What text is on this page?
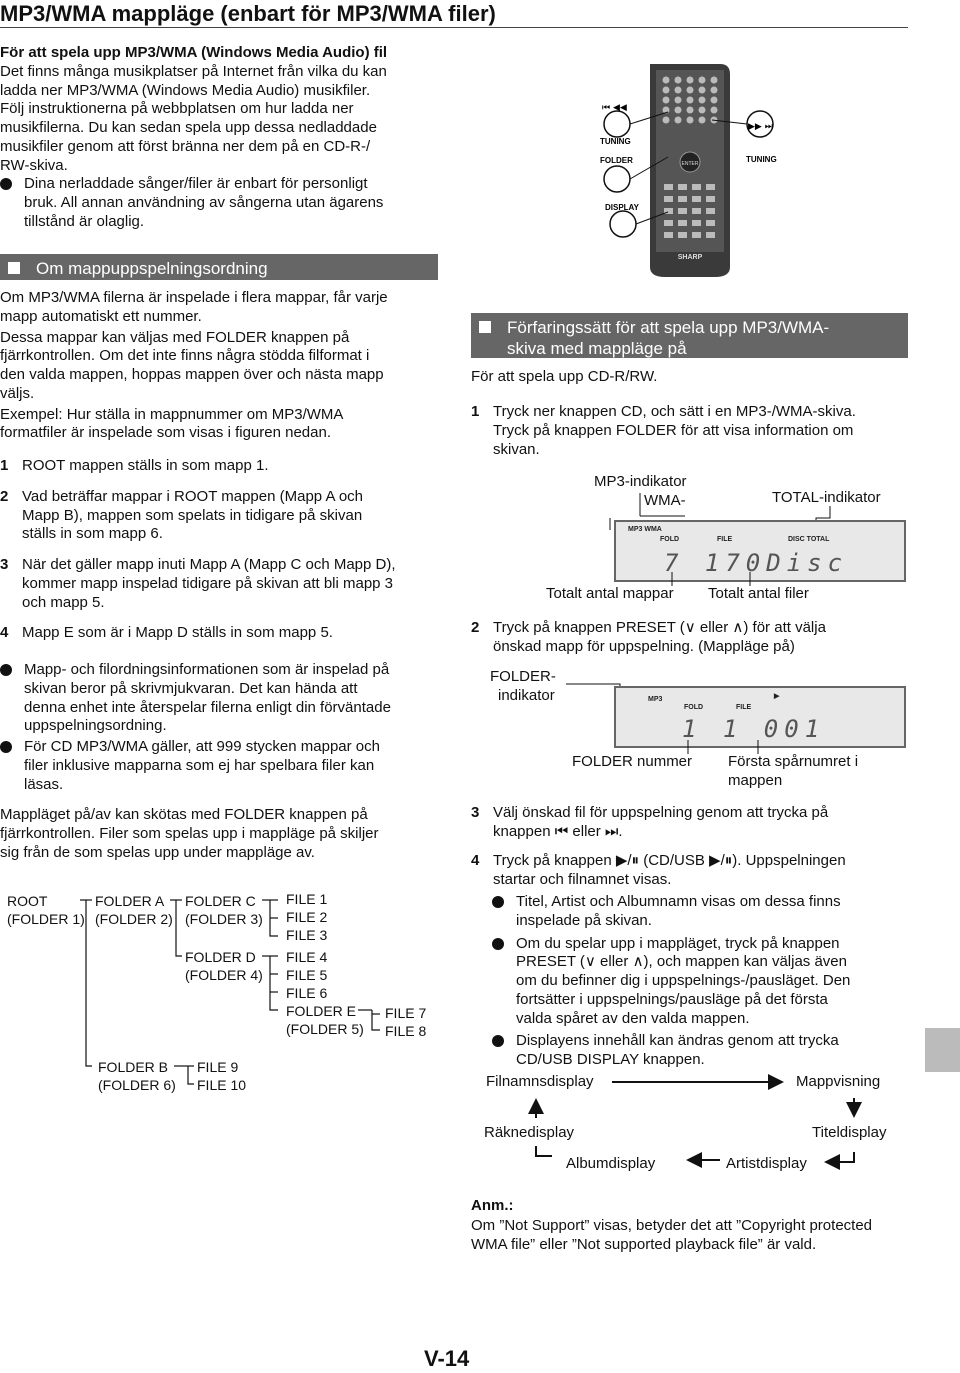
MP3/WMA mappläge (enbart för MP3/WMA filer)

För att spela upp MP3/WMA (Windows Media Audio) fil

Det finns många musikplatser på Internet från vilka du kan
ladda ner MP3/WMA (Windows Media Audio) musikfiler.
Följ instruktionerna på webbplatsen om hur ladda ner
musikfilerna. Du kan sedan spela upp dessa nedladdade
musikfiler genom att först bränna ner dem på en CD-R-/
RW-skiva.
Dina nerladdade sånger/filer är enbart för personligt
bruk. All annan användning av sångerna utan ägarens
tillstånd är olaglig.
ENTER
SHARP
TUNING
FOLDER
DISPLAY
TUNING
⏮ ◀◀
▶▶ ⏭
Om mappuppspelningsordning
Om MP3/WMA filerna är inspelade i flera mappar, får varje
mapp automatiskt ett nummer.
Dessa mappar kan väljas med FOLDER knappen på
fjärrkontrollen. Om det inte finns några stödda filformat i
den valda mappen, hoppas mappen över och nästa mapp
väljs.
Exempel: Hur ställa in mappnummer om MP3/WMA
formatfiler är inspelade som visas i figuren nedan.
1 ROOT mappen ställs in som mapp 1.
2 Vad beträffar mappar i ROOT mappen (Mapp A och
Mapp B), mappen som spelats in tidigare på skivan
ställs in som mapp 6.
3 När det gäller mapp inuti Mapp A (Mapp C och Mapp D),
kommer mapp inspelad tidigare på skivan att bli mapp 3
och mapp 5.
4 Mapp E som är i Mapp D ställs in som mapp 5.
Mapp- och filordningsinformationen som är inspelad på
skivan beror på skrivmjukvaran. Det kan hända att
denna enhet inte återspelar filerna enligt din förväntade
uppspelningsordning.
För CD MP3/WMA gäller, att 999 stycken mappar och
filer inklusive mapparna som ej har spelbara filer kan
läsas.
Mappläget på/av kan skötas med FOLDER knappen på
fjärrkontrollen. Filer som spelas upp i mappläge på skiljer
sig från de som spelas upp under mappläge av.
ROOT
(FOLDER 1)
FOLDER A
(FOLDER 2)
FOLDER B
(FOLDER 6)
FOLDER C
(FOLDER 3)
FOLDER D
(FOLDER 4)
FOLDER E
(FOLDER 5)
FILE 1
FILE 2
FILE 3
FILE 4
FILE 5
FILE 6
FILE 7
FILE 8
FILE 9
FILE 10
Förfaringssätt för att spela upp MP3/WMA-
skiva med mappläge på
För att spela upp CD-R/RW.
1 Tryck ner knappen CD, och sätt i en MP3-/WMA-skiva.
Tryck på knappen FOLDER för att visa information om
skivan.
MP3-indikator
WMA-	TOTAL-indikator
MP3 WMA
FOLD	FILE	DISC TOTAL
7 170Disc
Totalt antal mappar Totalt antal filer
2 Tryck på knappen PRESET (∨ eller ∧) för att välja
önskad mapp för uppspelning. (Mappläge på)
FOLDER-
indikator	MP3
FOLD	FILE
▶
1 1 001
FOLDER nummer Första spårnumret i
mappen
3 Välj önskad fil för uppspelning genom att trycka på
knappen ⏮ eller ⏭.
4 Tryck på knappen ▶/⏸ (CD/USB ▶/⏸). Uppspelningen
startar och filnamnet visas.
Titel, Artist och Albumnamn visas om dessa finns
inspelade på skivan.
Om du spelar upp i mappläget, tryck på knappen
PRESET (∨ eller ∧), och mappen kan väljas även
om du befinner dig i uppspelnings-/pausläget. Den
fortsätter i uppspelnings/pausläge på det första
valda spåret av den valda mappen.
Displayens innehåll kan ändras genom att trycka
CD/USB DISPLAY knappen.
Filnamnsdisplay	Mappvisning
Räknedisplay	Titeldisplay
Albumdisplay	Artistdisplay
Anm.:
Om ”Not Support” visas, betyder det att ”Copyright protected
WMA file” eller ”Not supported playback file” är vald.
V-14
